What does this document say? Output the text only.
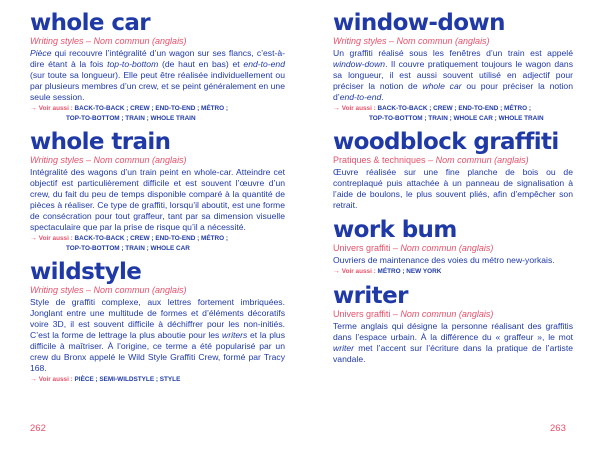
whole car

Writing styles – Nom commun (anglais)

Pièce qui recouvre l’intégralité d’un wagon sur ses flancs, c’est-à-dire étant à la fois top-to-bottom (de haut en bas) et end-to-end (sur toute sa longueur). Elle peut être réalisée individuellement ou par plusieurs membres d’un crew, et se peint généralement en une seule session.

→ Voir aussi : BACK-TO-BACK ; CREW ; END-TO-END ; MÉTRO ;
TOP-TO-BOTTOM ; TRAIN ; WHOLE TRAIN
whole train

Writing styles – Nom commun (anglais)

Intégralité des wagons d’un train peint en whole-car. Atteindre cet objectif est particulièrement difficile et est souvent l’œuvre d’un crew, du fait du peu de temps disponible comparé à la quantité de pièces à réaliser. Ce type de graffiti, lorsqu’il aboutit, est une forme de consécration pour tout graffeur, tant par sa dimension visuelle spectaculaire que par la prise de risque qu’il a nécessité.

→ Voir aussi : BACK-TO-BACK ; CREW ; END-TO-END ; MÉTRO ;
TOP-TO-BOTTOM ; TRAIN ; WHOLE CAR
wildstyle

Writing styles – Nom commun (anglais)

Style de graffiti complexe, aux lettres fortement imbriquées. Jonglant entre une multitude de formes et d’éléments décoratifs voire 3D, il est souvent difficile à déchiffrer pour les non-initiés. C’est la forme de lettrage la plus aboutie pour les writers et la plus difficile à maîtriser. À l’origine, ce terme a été popularisé par un crew du Bronx appelé le Wild Style Graffiti Crew, formé par Tracy 168.

→ Voir aussi : PIÈCE ; SEMI-WILDSTYLE ; STYLE
window-down

Writing styles – Nom commun (anglais)

Un graffiti réalisé sous les fenêtres d’un train est appelé window-down. Il couvre pratiquement toujours le wagon dans sa longueur, il est aussi souvent utilisé en adjectif pour préciser la notion de whole car ou pour préciser la notion d’end-to-end.

→ Voir aussi : BACK-TO-BACK ; CREW ; END-TO-END ; MÉTRO ;
TOP-TO-BOTTOM ; TRAIN ; WHOLE CAR ; WHOLE TRAIN
woodblock graffiti

Pratiques & techniques – Nom commun (anglais)

Œuvre réalisée sur une fine planche de bois ou de contreplaqué puis attachée à un panneau de signalisation à l’aide de boulons, le plus souvent pliés, afin d’empêcher son retrait.

work bum

Univers graffiti – Nom commun (anglais)

Ouvriers de maintenance des voies du métro new-yorkais.

→ Voir aussi : MÉTRO ; NEW YORK
writer

Univers graffiti – Nom commun (anglais)

Terme anglais qui désigne la personne réalisant des graffitis dans l’espace urbain. À la différence du « graffeur », le mot writer met l’accent sur l’écriture dans la pratique de l’artiste vandale.

262	263
